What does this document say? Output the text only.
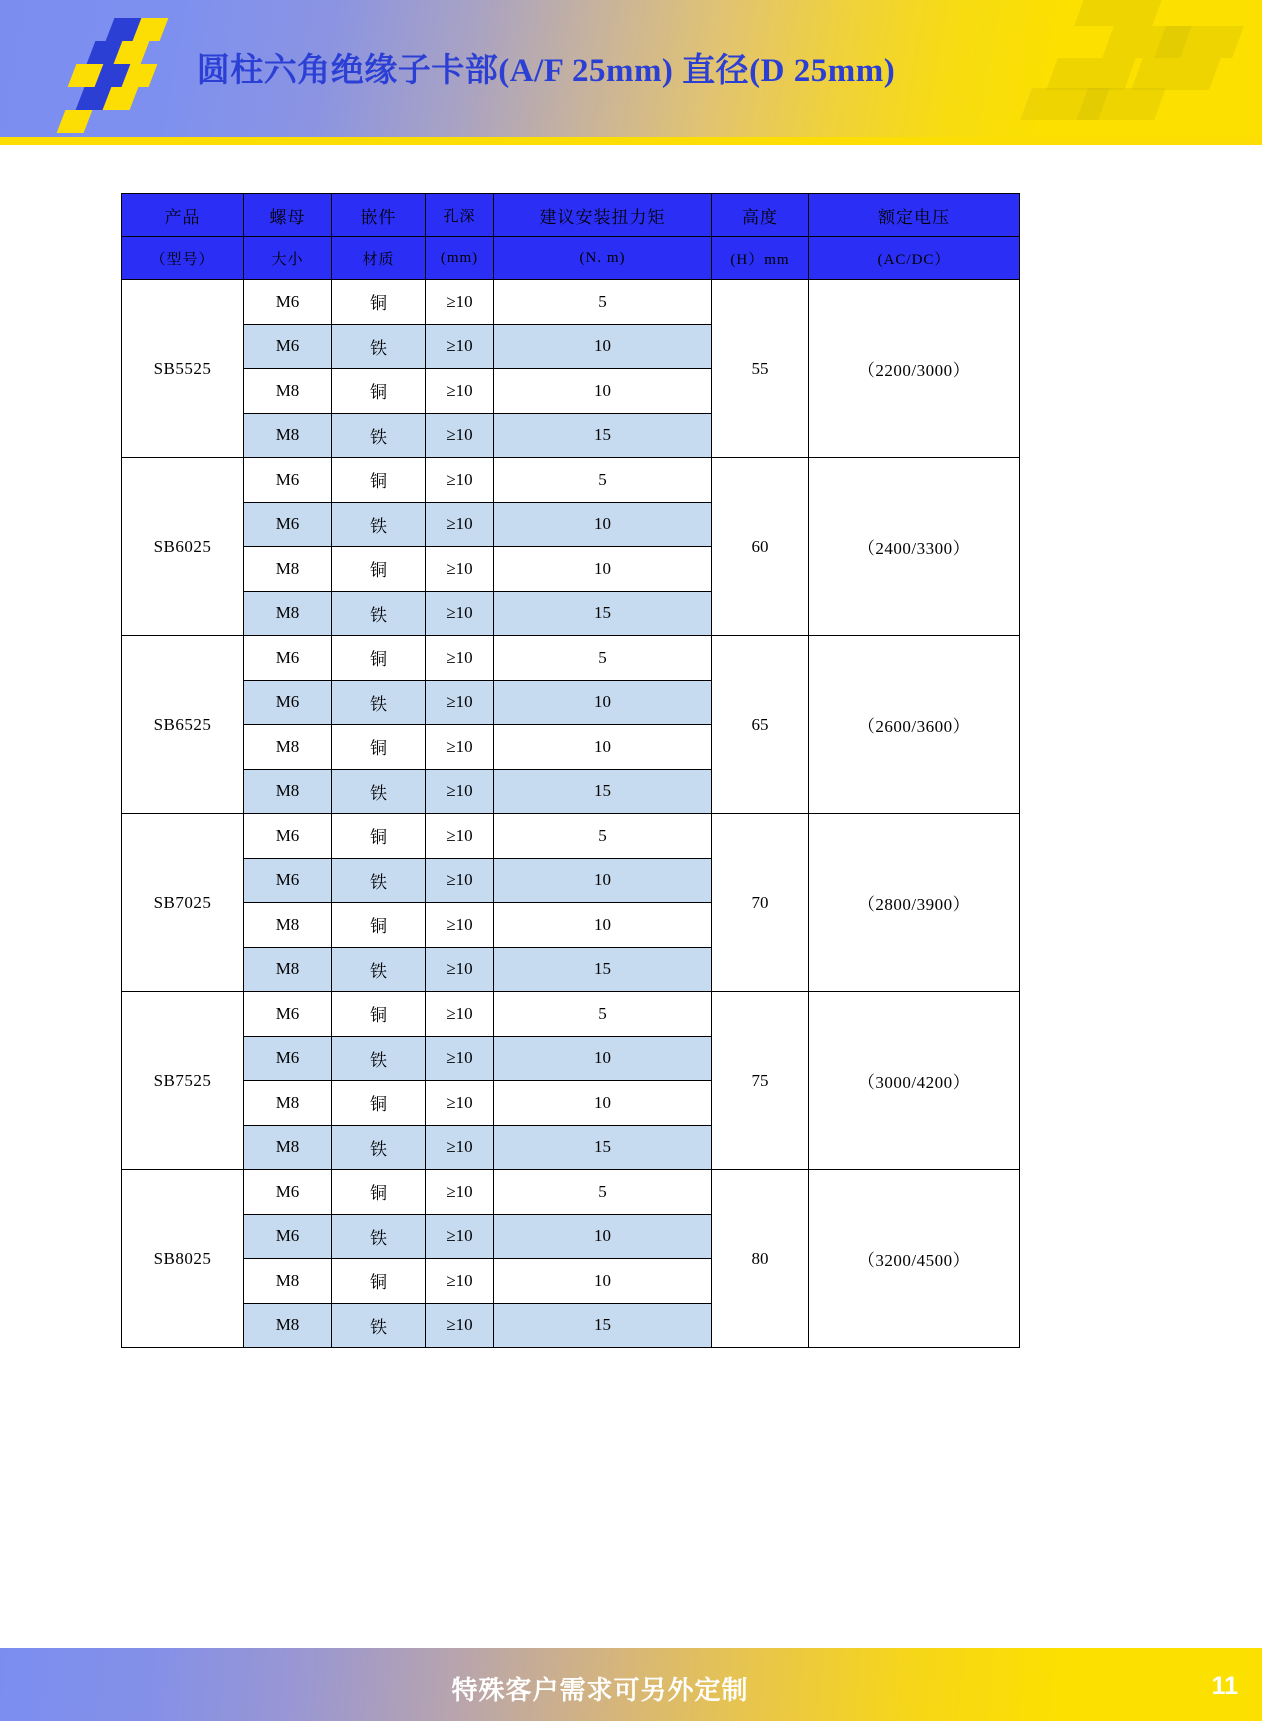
圆柱六角绝缘子卡部(A/F 25mm) 直径(D 25mm)
产品	螺母	嵌件	孔深	建议安装扭力矩	高度	额定电压
（型号）	大小	材质	(mm)	(N. m)	(H）mm	(AC/DC）
SB5525	M6	铜	≥10	5	55	（2200/3000）
	M6	铁	≥10	10		
	M8	铜	≥10	10		
	M8	铁	≥10	15		
SB6025	M6	铜	≥10	5	60	（2400/3300）
	M6	铁	≥10	10		
	M8	铜	≥10	10		
	M8	铁	≥10	15		
SB6525	M6	铜	≥10	5	65	（2600/3600）
	M6	铁	≥10	10		
	M8	铜	≥10	10		
	M8	铁	≥10	15		
SB7025	M6	铜	≥10	5	70	（2800/3900）
	M6	铁	≥10	10		
	M8	铜	≥10	10		
	M8	铁	≥10	15		
SB7525	M6	铜	≥10	5	75	（3000/4200）
	M6	铁	≥10	10		
	M8	铜	≥10	10		
	M8	铁	≥10	15		
SB8025	M6	铜	≥10	5	80	（3200/4500）
	M6	铁	≥10	10		
	M8	铜	≥10	10		
	M8	铁	≥10	15		
特殊客户需求可另外定制	11
